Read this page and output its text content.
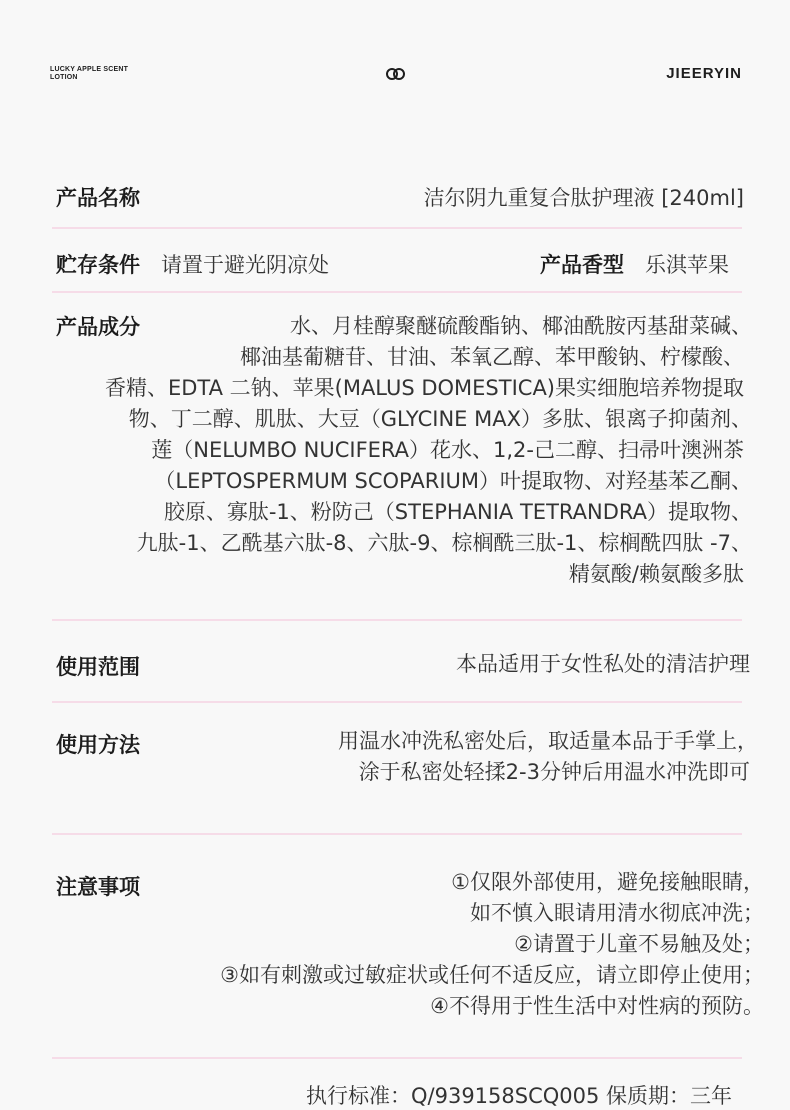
LUCKY APPLE SCENT
LOTION	JIEERYIN
产品名称	洁尔阴九重复合肽护理液 [240ml]
贮存条件 请置于避光阴凉处	产品香型 乐淇苹果
产品成分	水、月桂醇聚醚硫酸酯钠、椰油酰胺丙基甜菜碱、
椰油基葡糖苷、甘油、苯氧乙醇、苯甲酸钠、柠檬酸、
香精、EDTA 二钠、苹果(MALUS DOMESTICA)果实细胞培养物提取
物、丁二醇、肌肽、大豆（GLYCINE MAX）多肽、银离子抑菌剂、
莲（NELUMBO NUCIFERA）花水、1,2-己二醇、扫帚叶澳洲茶
（LEPTOSPERMUM SCOPARIUM）叶提取物、对羟基苯乙酮、
胶原、寡肽-1、粉防己（STEPHANIA TETRANDRA）提取物、
九肽-1、乙酰基六肽-8、六肽-9、棕榈酰三肽-1、棕榈酰四肽 -7、
精氨酸/赖氨酸多肽
使用范围	本品适用于女性私处的清洁护理
使用方法	用温水冲洗私密处后，取适量本品于手掌上，
涂于私密处轻揉2-3分钟后用温水冲洗即可
注意事项	①仅限外部使用，避免接触眼睛，
如不慎入眼请用清水彻底冲洗；
②请置于儿童不易触及处；
③如有刺激或过敏症状或任何不适反应，请立即停止使用；
④不得用于性生活中对性病的预防。
执行标准：Q/939158SCQ005 保质期：三年
